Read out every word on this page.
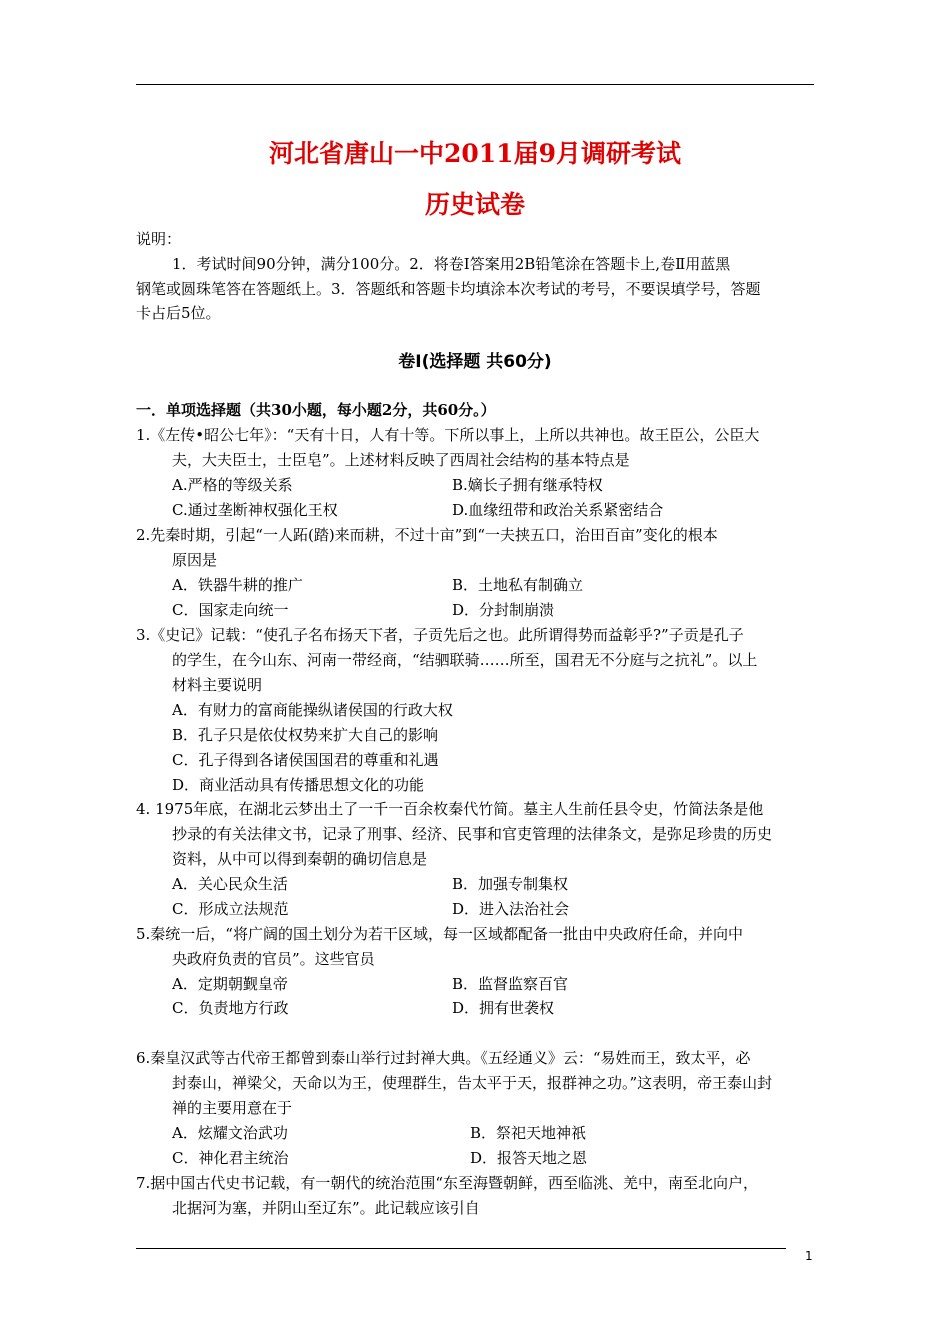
河北省唐山一中2011届9月调研考试
历史试卷
说明：
1．考试时间90分钟，满分100分。2．将卷Ⅰ答案用2B铅笔涂在答题卡上,卷Ⅱ用蓝黑
钢笔或圆珠笔答在答题纸上。3．答题纸和答题卡均填涂本次考试的考号，不要误填学号，答题
卡占后5位。
卷Ⅰ(选择题 共60分)
一．单项选择题（共30小题，每小题2分，共60分。）
1.《左传•昭公七年》：“天有十日，人有十等。下所以事上，上所以共神也。故王臣公，公臣大
夫，大夫臣士，士臣皂”。上述材料反映了西周社会结构的基本特点是
A.严格的等级关系	B.嫡长子拥有继承特权
C.通过垄断神权强化王权	D.血缘纽带和政治关系紧密结合
2.先秦时期，引起“一人跖(踏)来而耕，不过十亩”到“一夫挟五口，治田百亩”变化的根本
原因是
A．铁器牛耕的推广	B．土地私有制确立
C．国家走向统一	D．分封制崩溃
3.《史记》记载：“使孔子名布扬天下者，子贡先后之也。此所谓得势而益彰乎?”子贡是孔子
的学生，在今山东、河南一带经商，“结驷联骑……所至，国君无不分庭与之抗礼”。以上
材料主要说明
A．有财力的富商能操纵诸侯国的行政大权
B．孔子只是依仗权势来扩大自己的影响
C．孔子得到各诸侯国国君的尊重和礼遇
D．商业活动具有传播思想文化的功能
4. 1975年底，在湖北云梦出土了一千一百余枚秦代竹简。墓主人生前任县令史，竹简法条是他
抄录的有关法律文书，记录了刑事、经济、民事和官吏管理的法律条文，是弥足珍贵的历史
资料，从中可以得到秦朝的确切信息是
A．关心民众生活	B．加强专制集权
C．形成立法规范	D．进入法治社会
5.秦统一后，“将广阔的国土划分为若干区域，每一区域都配备一批由中央政府任命，并向中
央政府负责的官员”。这些官员
A．定期朝觐皇帝	B．监督监察百官
C．负责地方行政	D．拥有世袭权
6.秦皇汉武等古代帝王都曾到泰山举行过封禅大典。《五经通义》云：“易姓而王，致太平，必
封泰山，禅梁父，天命以为王，使理群生，告太平于天，报群神之功。”这表明，帝王泰山封
禅的主要用意在于
A．炫耀文治武功	B．祭祀天地神祇
C．神化君主统治	D．报答天地之恩
7.据中国古代史书记载，有一朝代的统治范围“东至海暨朝鲜，西至临洮、羌中，南至北向户，
北据河为塞，并阴山至辽东”。此记载应该引自
1
